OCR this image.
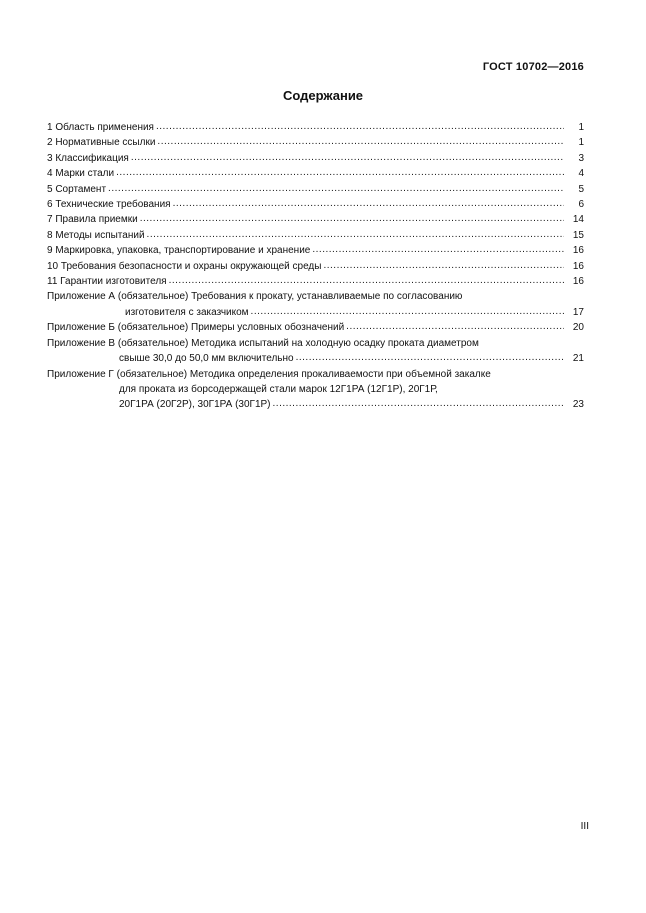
ГОСТ 10702—2016
Содержание
1 Область применения .....	1
2 Нормативные ссылки .....	1
3 Классификация .....	3
4 Марки стали .....	4
5 Сортамент .....	5
6 Технические требования .....	6
7 Правила приемки .....	14
8 Методы испытаний .....	15
9 Маркировка, упаковка, транспортирование и хранение .....	16
10 Требования безопасности и охраны окружающей среды .....	16
11 Гарантии изготовителя .....	16
Приложение А (обязательное) Требования к прокату, устанавливаемые по согласованию
изготовителя с заказчиком .....	17
Приложение Б (обязательное) Примеры условных обозначений .....	20
Приложение В (обязательное) Методика испытаний на холодную осадку проката диаметром
свыше 30,0 до 50,0 мм включительно .....	21
Приложение Г (обязательное) Методика определения прокаливаемости при объемной закалке
для проката из борсодержащей стали марок 12Г1РА (12Г1Р), 20Г1Р,
20Г1РА (20Г2Р), 30Г1РА (30Г1Р) .....	23
III
